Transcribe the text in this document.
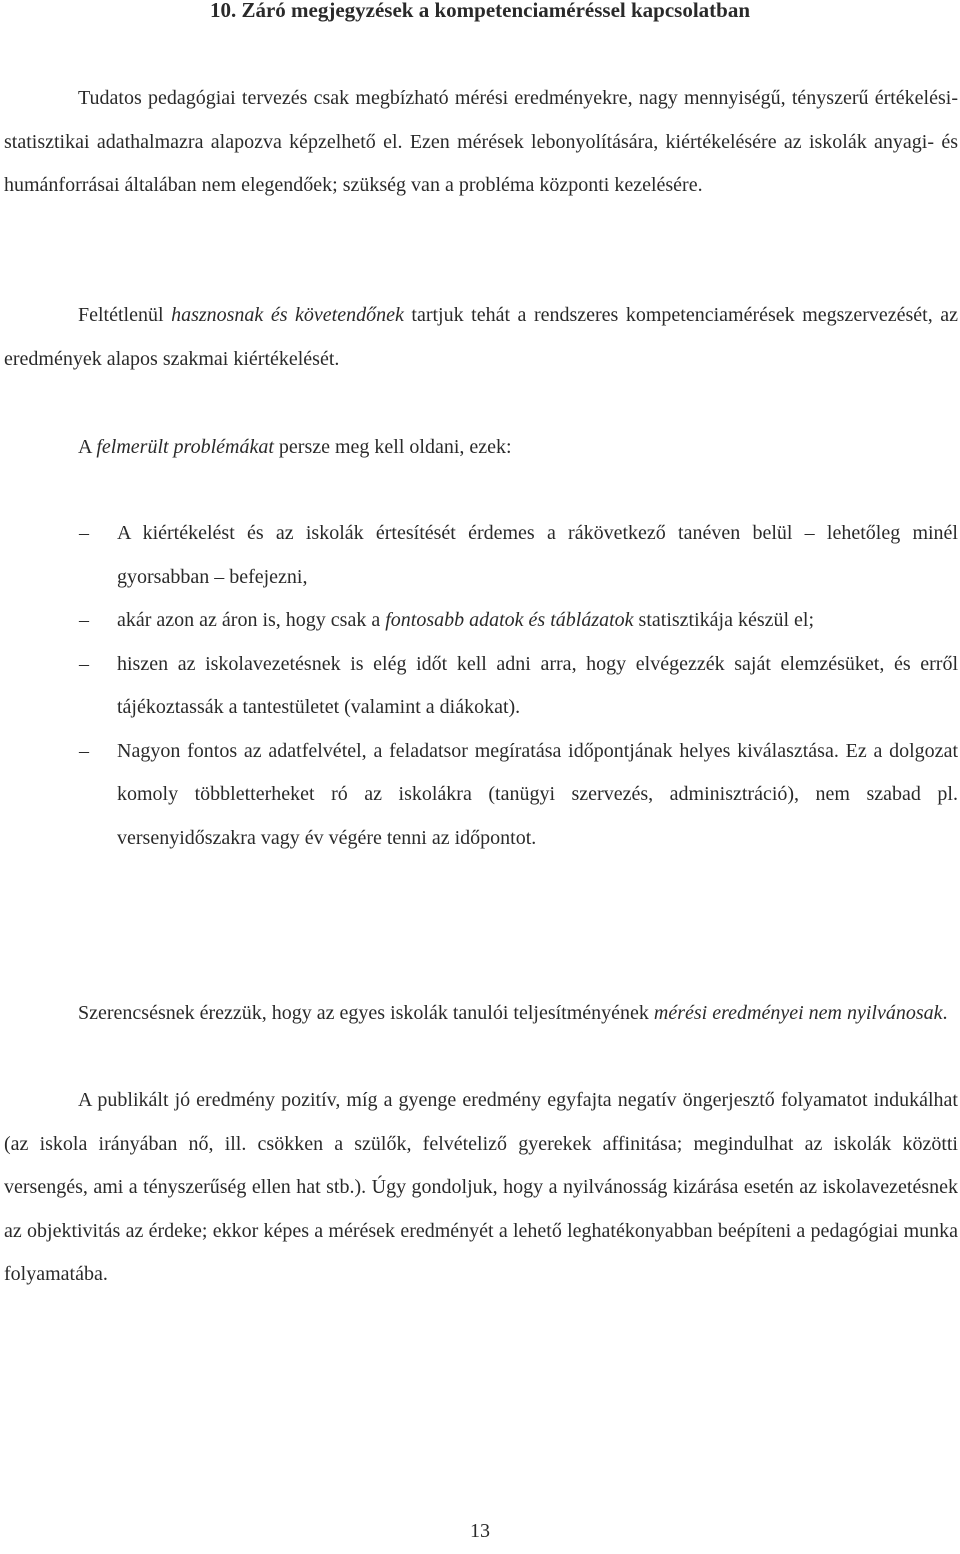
10. Záró megjegyzések a kompetenciaméréssel kapcsolatban

Tudatos pedagógiai tervezés csak megbízható mérési eredményekre, nagy mennyiségű, tényszerű értékelési-statisztikai adathalmazra alapozva képzelhető el. Ezen mérések lebonyolítására, kiértékelésére az iskolák anyagi- és humánforrásai általában nem elegendőek; szükség van a probléma központi kezelésére.

Feltétlenül hasznosnak és követendőnek tartjuk tehát a rendszeres kompetenciamérések megszervezését, az eredmények alapos szakmai kiértékelését.

A felmerült problémákat persze meg kell oldani, ezek:

–	A kiértékelést és az iskolák értesítését érdemes a rákövetkező tanéven belül – lehetőleg minél gyorsabban – befejezni,
–	akár azon az áron is, hogy csak a fontosabb adatok és táblázatok statisztikája készül el;
–	hiszen az iskolavezetésnek is elég időt kell adni arra, hogy elvégezzék saját elemzésüket, és erről tájékoztassák a tantestületet (valamint a diákokat).
–	Nagyon fontos az adatfelvétel, a feladatsor megíratása időpontjának helyes kiválasztása. Ez a dolgozat komoly többletterheket ró az iskolákra (tanügyi szervezés, adminisztráció), nem szabad pl. versenyidőszakra vagy év végére tenni az időpontot.

Szerencsésnek érezzük, hogy az egyes iskolák tanulói teljesítményének mérési eredményei nem nyilvánosak.

A publikált jó eredmény pozitív, míg a gyenge eredmény egyfajta negatív öngerjesztő folyamatot indukálhat (az iskola irányában nő, ill. csökken a szülők, felvételiző gyerekek affinitása; megindulhat az iskolák közötti versengés, ami a tényszerűség ellen hat stb.). Úgy gondoljuk, hogy a nyilvánosság kizárása esetén az iskolavezetésnek az objektivitás az érdeke; ekkor képes a mérések eredményét a lehető leghatékonyabban beépíteni a pedagógiai munka folyamatába.

13
